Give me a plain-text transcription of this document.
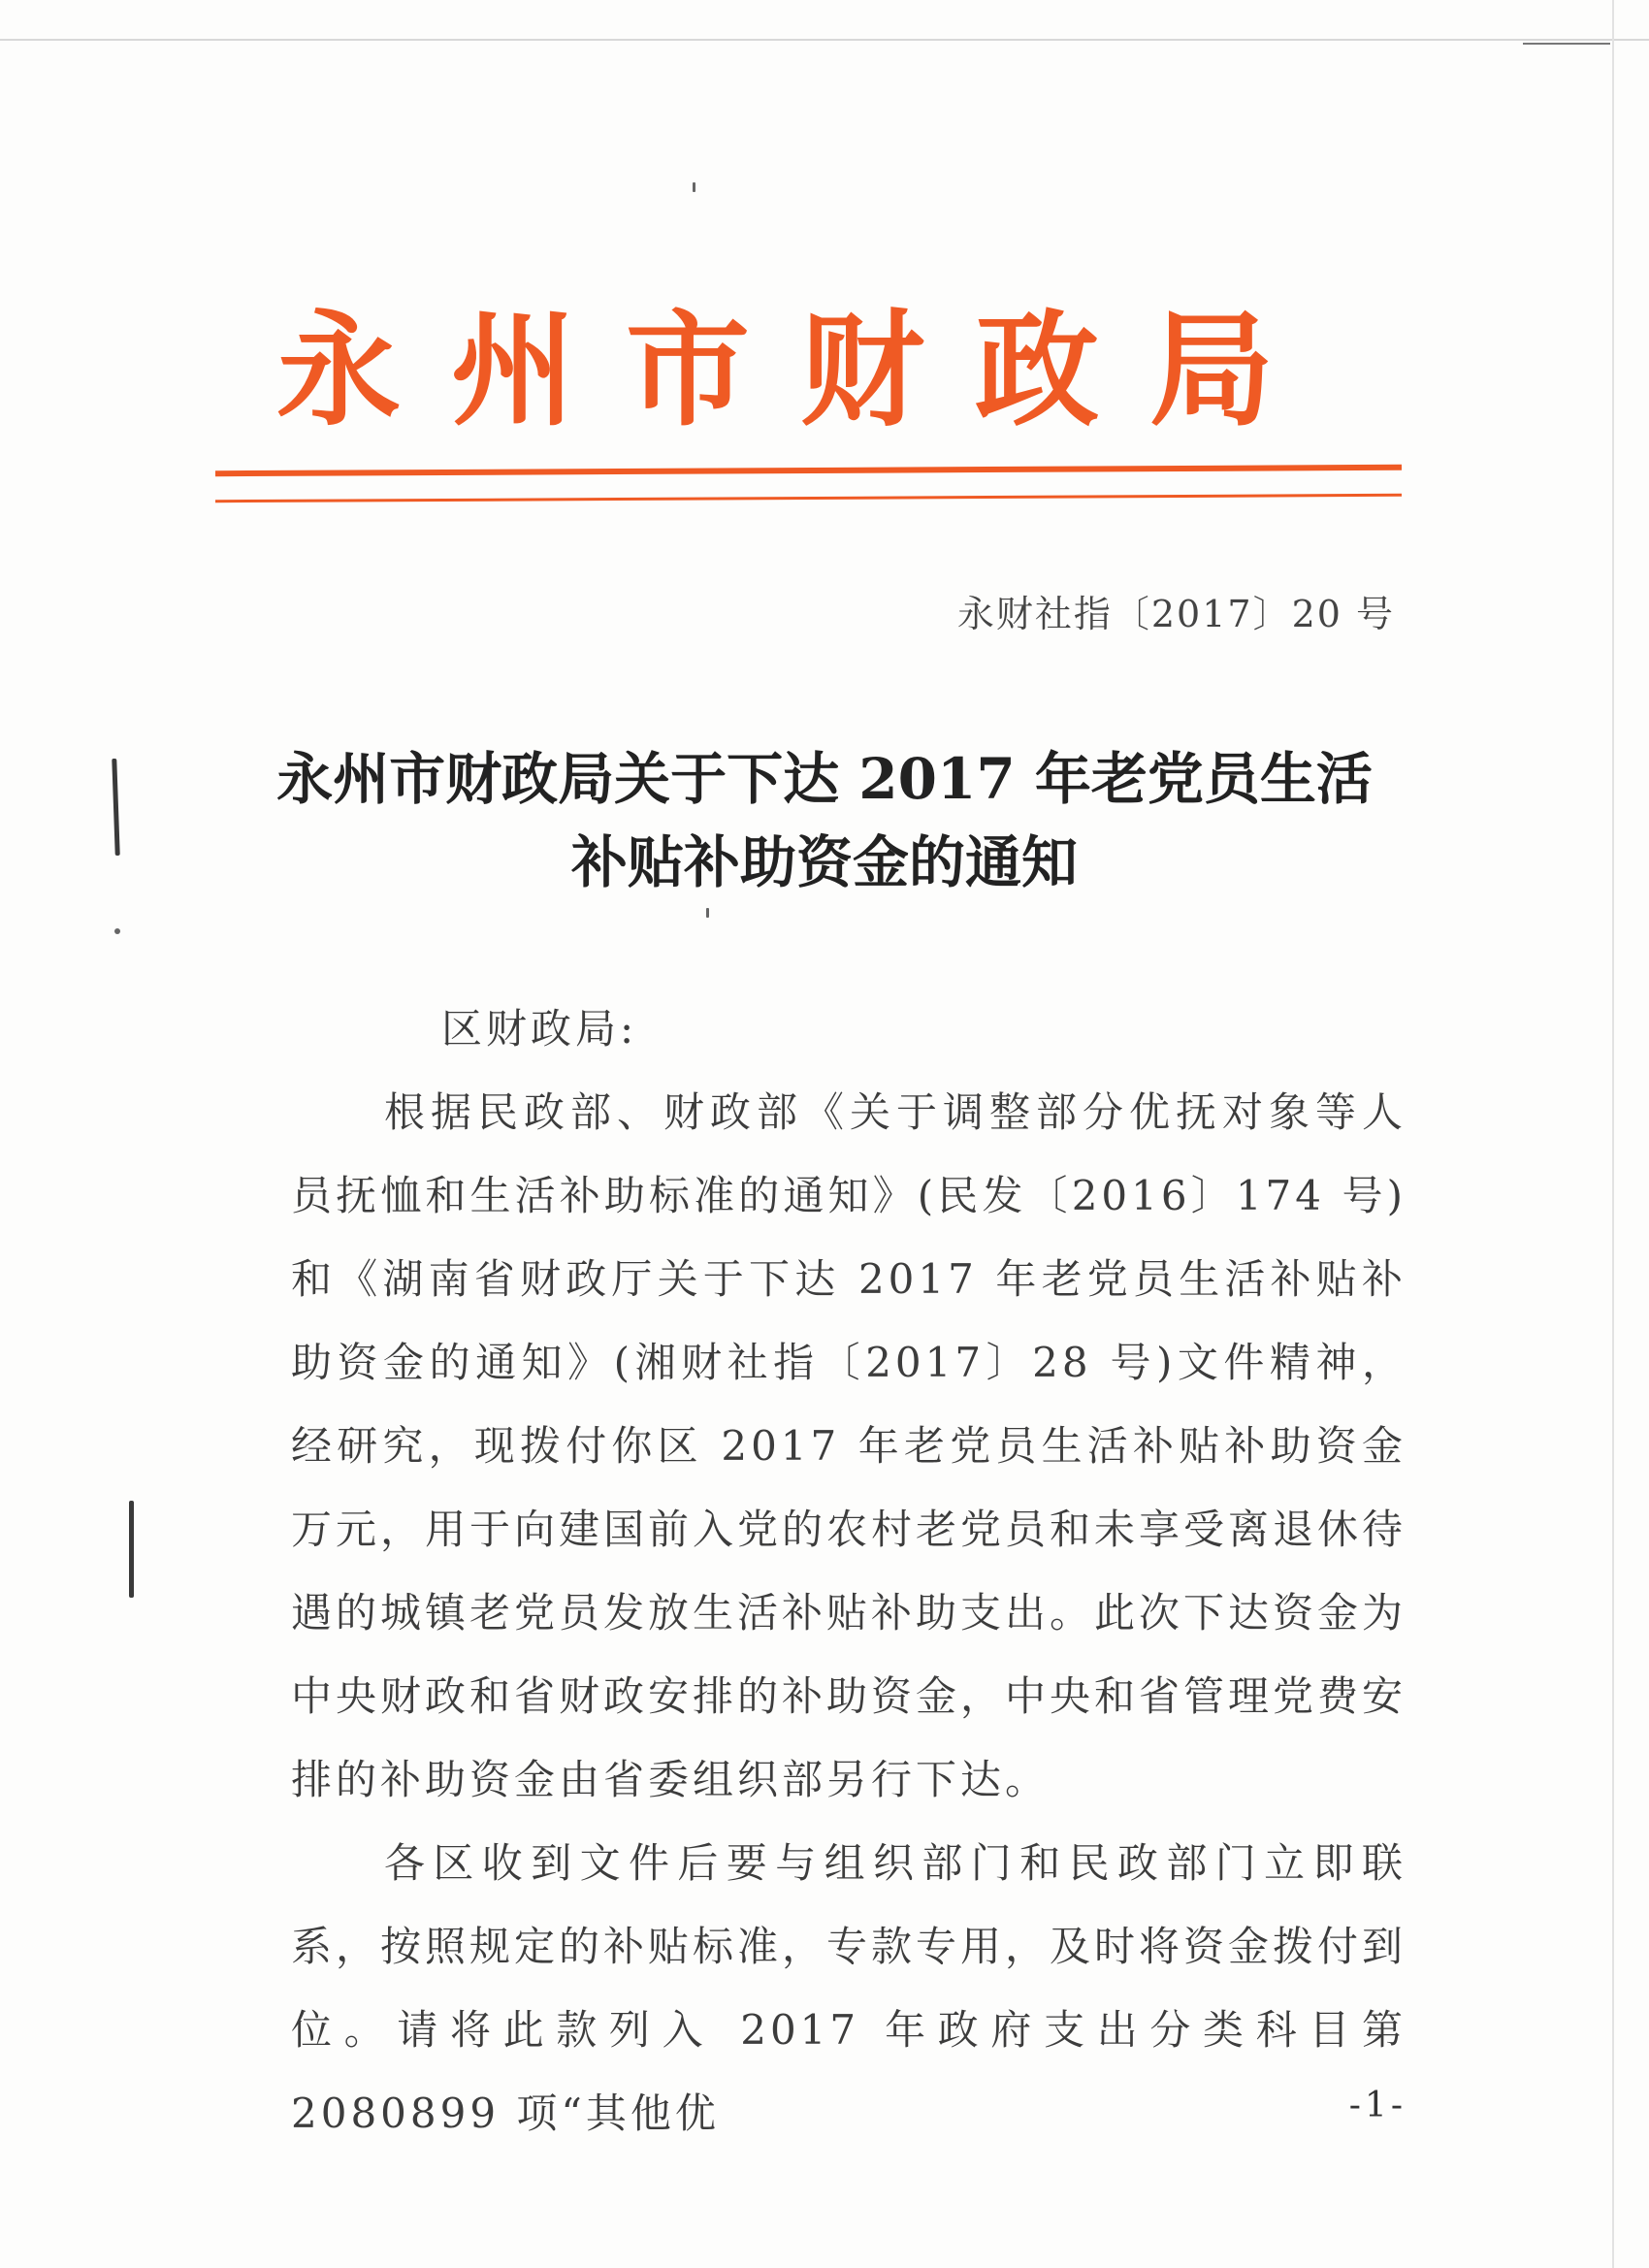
永州市财政局
永财社指〔2017〕20 号
永州市财政局关于下达 2017 年老党员生活
补贴补助资金的通知

区财政局:

根据民政部、财政部《关于调整部分优抚对象等人员抚恤和生活补助标准的通知》(民发〔2016〕174 号)和《湖南省财政厅关于下达 2017 年老党员生活补贴补助资金的通知》(湘财社指〔2017〕28 号)文件精神，经研究，现拨付你区 2017 年老党员生活补贴补助资金　　万元，用于向建国前入党的农村老党员和未享受离退休待遇的城镇老党员发放生活补贴补助支出。此次下达资金为中央财政和省财政安排的补助资金，中央和省管理党费安排的补助资金由省委组织部另行下达。

各区收到文件后要与组织部门和民政部门立即联系，按照规定的补贴标准，专款专用，及时将资金拨付到位。请将此款列入 2017 年政府支出分类科目第 2080899 项“其他优	-1-
